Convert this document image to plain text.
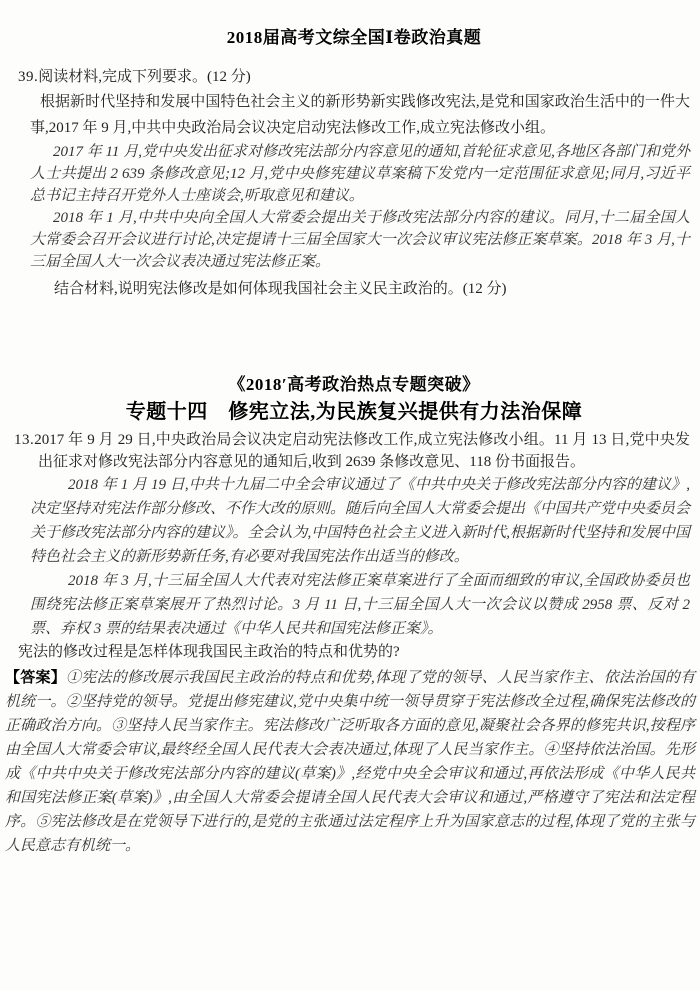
2018届高考文综全国Ⅰ卷政治真题

39.阅读材料,完成下列要求。(12 分)

根据新时代坚持和发展中国特色社会主义的新形势新实践修改宪法,是党和国家政治生活中的一件大事,2017 年 9 月,中共中央政治局会议决定启动宪法修改工作,成立宪法修改小组。

2017 年 11 月,党中央发出征求对修改宪法部分内容意见的通知,首轮征求意见,各地区各部门和党外人士共提出 2 639 条修改意见;12 月,党中央修宪建议草案稿下发党内一定范围征求意见;同月,习近平总书记主持召开党外人士座谈会,听取意见和建议。

2018 年 1 月,中共中央向全国人大常委会提出关于修改宪法部分内容的建议。同月,十二届全国人大常委会召开会议进行讨论,决定提请十三届全国家大一次会议审议宪法修正案草案。2018 年 3 月,十三届全国人大一次会议表决通过宪法修正案。

结合材料,说明宪法修改是如何体现我国社会主义民主政治的。(12 分)

《2018′高考政治热点专题突破》
专题十四　修宪立法,为民族复兴提供有力法治保障

13.2017 年 9 月 29 日,中央政治局会议决定启动宪法修改工作,成立宪法修改小组。11 月 13 日,党中央发出征求对修改宪法部分内容意见的通知后,收到 2639 条修改意见、118 份书面报告。

2018 年 1 月 19 日,中共十九届二中全会审议通过了《中共中央关于修改宪法部分内容的建议》,决定坚持对宪法作部分修改、不作大改的原则。随后向全国人大常委会提出《中国共产党中央委员会关于修改宪法部分内容的建议》。全会认为,中国特色社会主义进入新时代,根据新时代坚持和发展中国特色社会主义的新形势新任务,有必要对我国宪法作出适当的修改。

2018 年 3 月,十三届全国人大代表对宪法修正案草案进行了全面而细致的审议,全国政协委员也围绕宪法修正案草案展开了热烈讨论。3 月 11 日,十三届全国人大一次会议以赞成 2958 票、反对 2 票、弃权 3 票的结果表决通过《中华人民共和国宪法修正案》。

宪法的修改过程是怎样体现我国民主政治的特点和优势的?

【答案】①宪法的修改展示我国民主政治的特点和优势,体现了党的领导、人民当家作主、依法治国的有机统一。②坚持党的领导。党提出修宪建议,党中央集中统一领导贯穿于宪法修改全过程,确保宪法修改的正确政治方向。③坚持人民当家作主。宪法修改广泛听取各方面的意见,凝聚社会各界的修宪共识,按程序由全国人大常委会审议,最终经全国人民代表大会表决通过,体现了人民当家作主。④坚持依法治国。先形成《中共中央关于修改宪法部分内容的建议(草案)》,经党中央全会审议和通过,再依法形成《中华人民共和国宪法修正案(草案)》,由全国人大常委会提请全国人民代表大会审议和通过,严格遵守了宪法和法定程序。⑤宪法修改是在党领导下进行的,是党的主张通过法定程序上升为国家意志的过程,体现了党的主张与人民意志有机统一。
